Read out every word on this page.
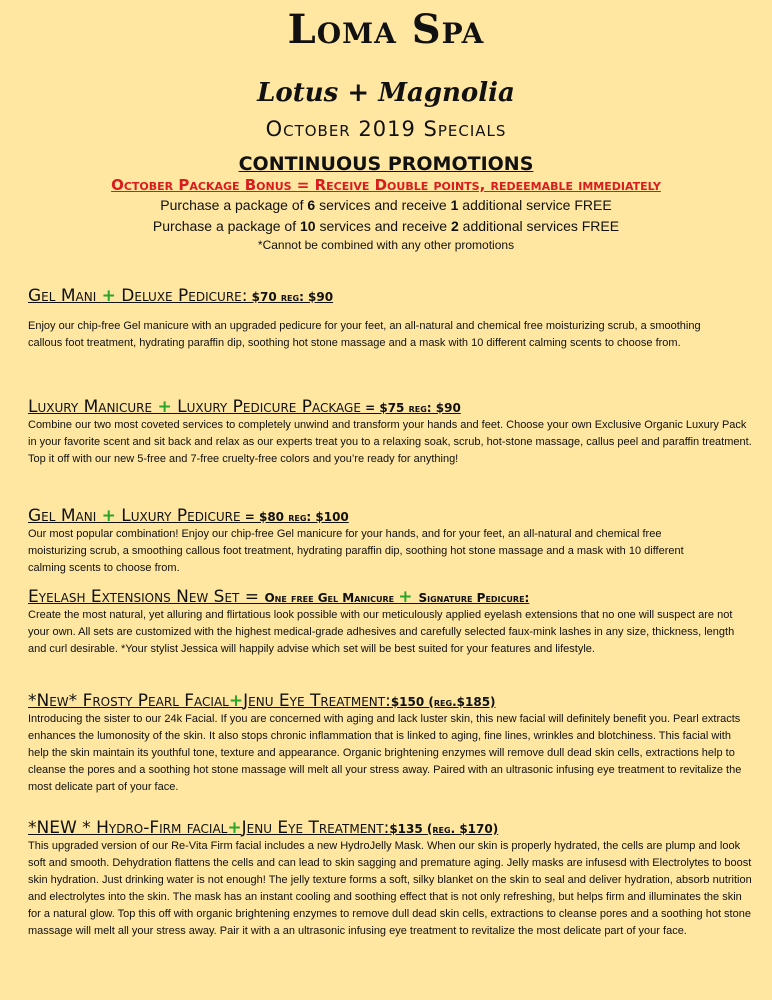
Loma Spa
Lotus + Magnolia
October 2019 Specials
CONTINUOUS PROMOTIONS
October Package Bonus = Receive Double points, redeemable immediately
Purchase a package of 6 services and receive 1 additional service FREE
Purchase a package of 10 services and receive 2 additional services FREE
*Cannot be combined with any other promotions
Gel Mani + Deluxe Pedicure: $70 reg: $90
Enjoy our chip-free Gel manicure with an upgraded pedicure for your feet, an all-natural and chemical free moisturizing scrub, a smoothing callous foot treatment, hydrating paraffin dip, soothing hot stone massage and a mask with 10 different calming scents to choose from.
Luxury Manicure + Luxury Pedicure Package = $75 reg: $90
Combine our two most coveted services to completely unwind and transform your hands and feet. Choose your own Exclusive Organic Luxury Pack in your favorite scent and sit back and relax as our experts treat you to a relaxing soak, scrub, hot-stone massage, callus peel and paraffin treatment. Top it off with our new 5-free and 7-free cruelty-free colors and you’re ready for anything!
Gel Mani + Luxury Pedicure = $80 reg: $100
Our most popular combination! Enjoy our chip-free Gel manicure for your hands, and for your feet, an all-natural and chemical free moisturizing scrub, a smoothing callous foot treatment, hydrating paraffin dip, soothing hot stone massage and a mask with 10 different calming scents to choose from.
Eyelash Extensions New Set = One free Gel Manicure + Signature Pedicure:
Create the most natural, yet alluring and flirtatious look possible with our meticulously applied eyelash extensions that no one will suspect are not your own. All sets are customized with the highest medical-grade adhesives and carefully selected faux-mink lashes in any size, thickness, length and curl desirable. *Your stylist Jessica will happily advise which set will be best suited for your features and lifestyle.
*New* Frosty Pearl Facial+Jenu Eye Treatment:$150 (reg.$185)
Introducing the sister to our 24k Facial. If you are concerned with aging and lack luster skin, this new facial will definitely benefit you. Pearl extracts enhances the lumonosity of the skin. It also stops chronic inflammation that is linked to aging, fine lines, wrinkles and blotchiness. This facial with help the skin maintain its youthful tone, texture and appearance. Organic brightening enzymes will remove dull dead skin cells, extractions help to cleanse the pores and a soothing hot stone massage will melt all your stress away. Paired with an ultrasonic infusing eye treatment to revitalize the most delicate part of your face.
*NEW * Hydro-Firm facial+Jenu Eye Treatment:$135 (reg. $170)
This upgraded version of our Re-Vita Firm facial includes a new HydroJelly Mask. When our skin is properly hydrated, the cells are plump and look soft and smooth. Dehydration flattens the cells and can lead to skin sagging and premature aging. Jelly masks are infusesd with Electrolytes to boost skin hydration. Just drinking water is not enough! The jelly texture forms a soft, silky blanket on the skin to seal and deliver hydration, absorb nutrition and electrolytes into the skin. The mask has an instant cooling and soothing effect that is not only refreshing, but helps firm and illuminates the skin for a natural glow. Top this off with organic brightening enzymes to remove dull dead skin cells, extractions to cleanse pores and a soothing hot stone massage will melt all your stress away. Pair it with a an ultrasonic infusing eye treatment to revitalize the most delicate part of your face.
